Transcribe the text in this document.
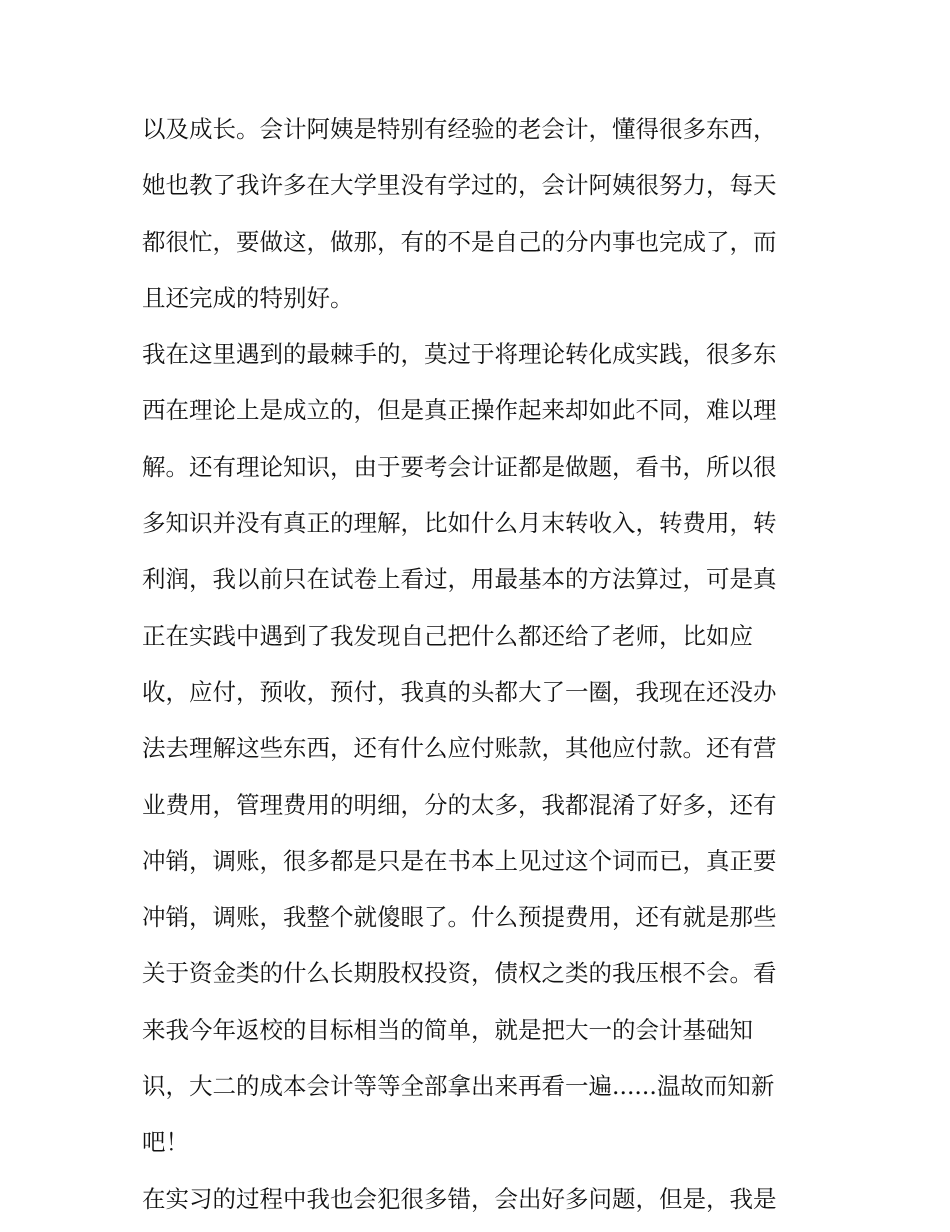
以及成长。会计阿姨是特别有经验的老会计，懂得很多东西，
她也教了我许多在大学里没有学过的，会计阿姨很努力，每天
都很忙，要做这，做那，有的不是自己的分内事也完成了，而
且还完成的特别好。
我在这里遇到的最棘手的，莫过于将理论转化成实践，很多东
西在理论上是成立的，但是真正操作起来却如此不同，难以理
解。还有理论知识，由于要考会计证都是做题，看书，所以很
多知识并没有真正的理解，比如什么月末转收入，转费用，转
利润，我以前只在试卷上看过，用最基本的方法算过，可是真
正在实践中遇到了我发现自己把什么都还给了老师，比如应
收，应付，预收，预付，我真的头都大了一圈，我现在还没办
法去理解这些东西，还有什么应付账款，其他应付款。还有营
业费用，管理费用的明细，分的太多，我都混淆了好多，还有
冲销，调账，很多都是只是在书本上见过这个词而已，真正要
冲销，调账，我整个就傻眼了。什么预提费用，还有就是那些
关于资金类的什么长期股权投资，债权之类的我压根不会。看
来我今年返校的目标相当的简单，就是把大一的会计基础知
识，大二的成本会计等等全部拿出来再看一遍......温故而知新
吧！
在实习的过程中我也会犯很多错，会出好多问题，但是，我是
